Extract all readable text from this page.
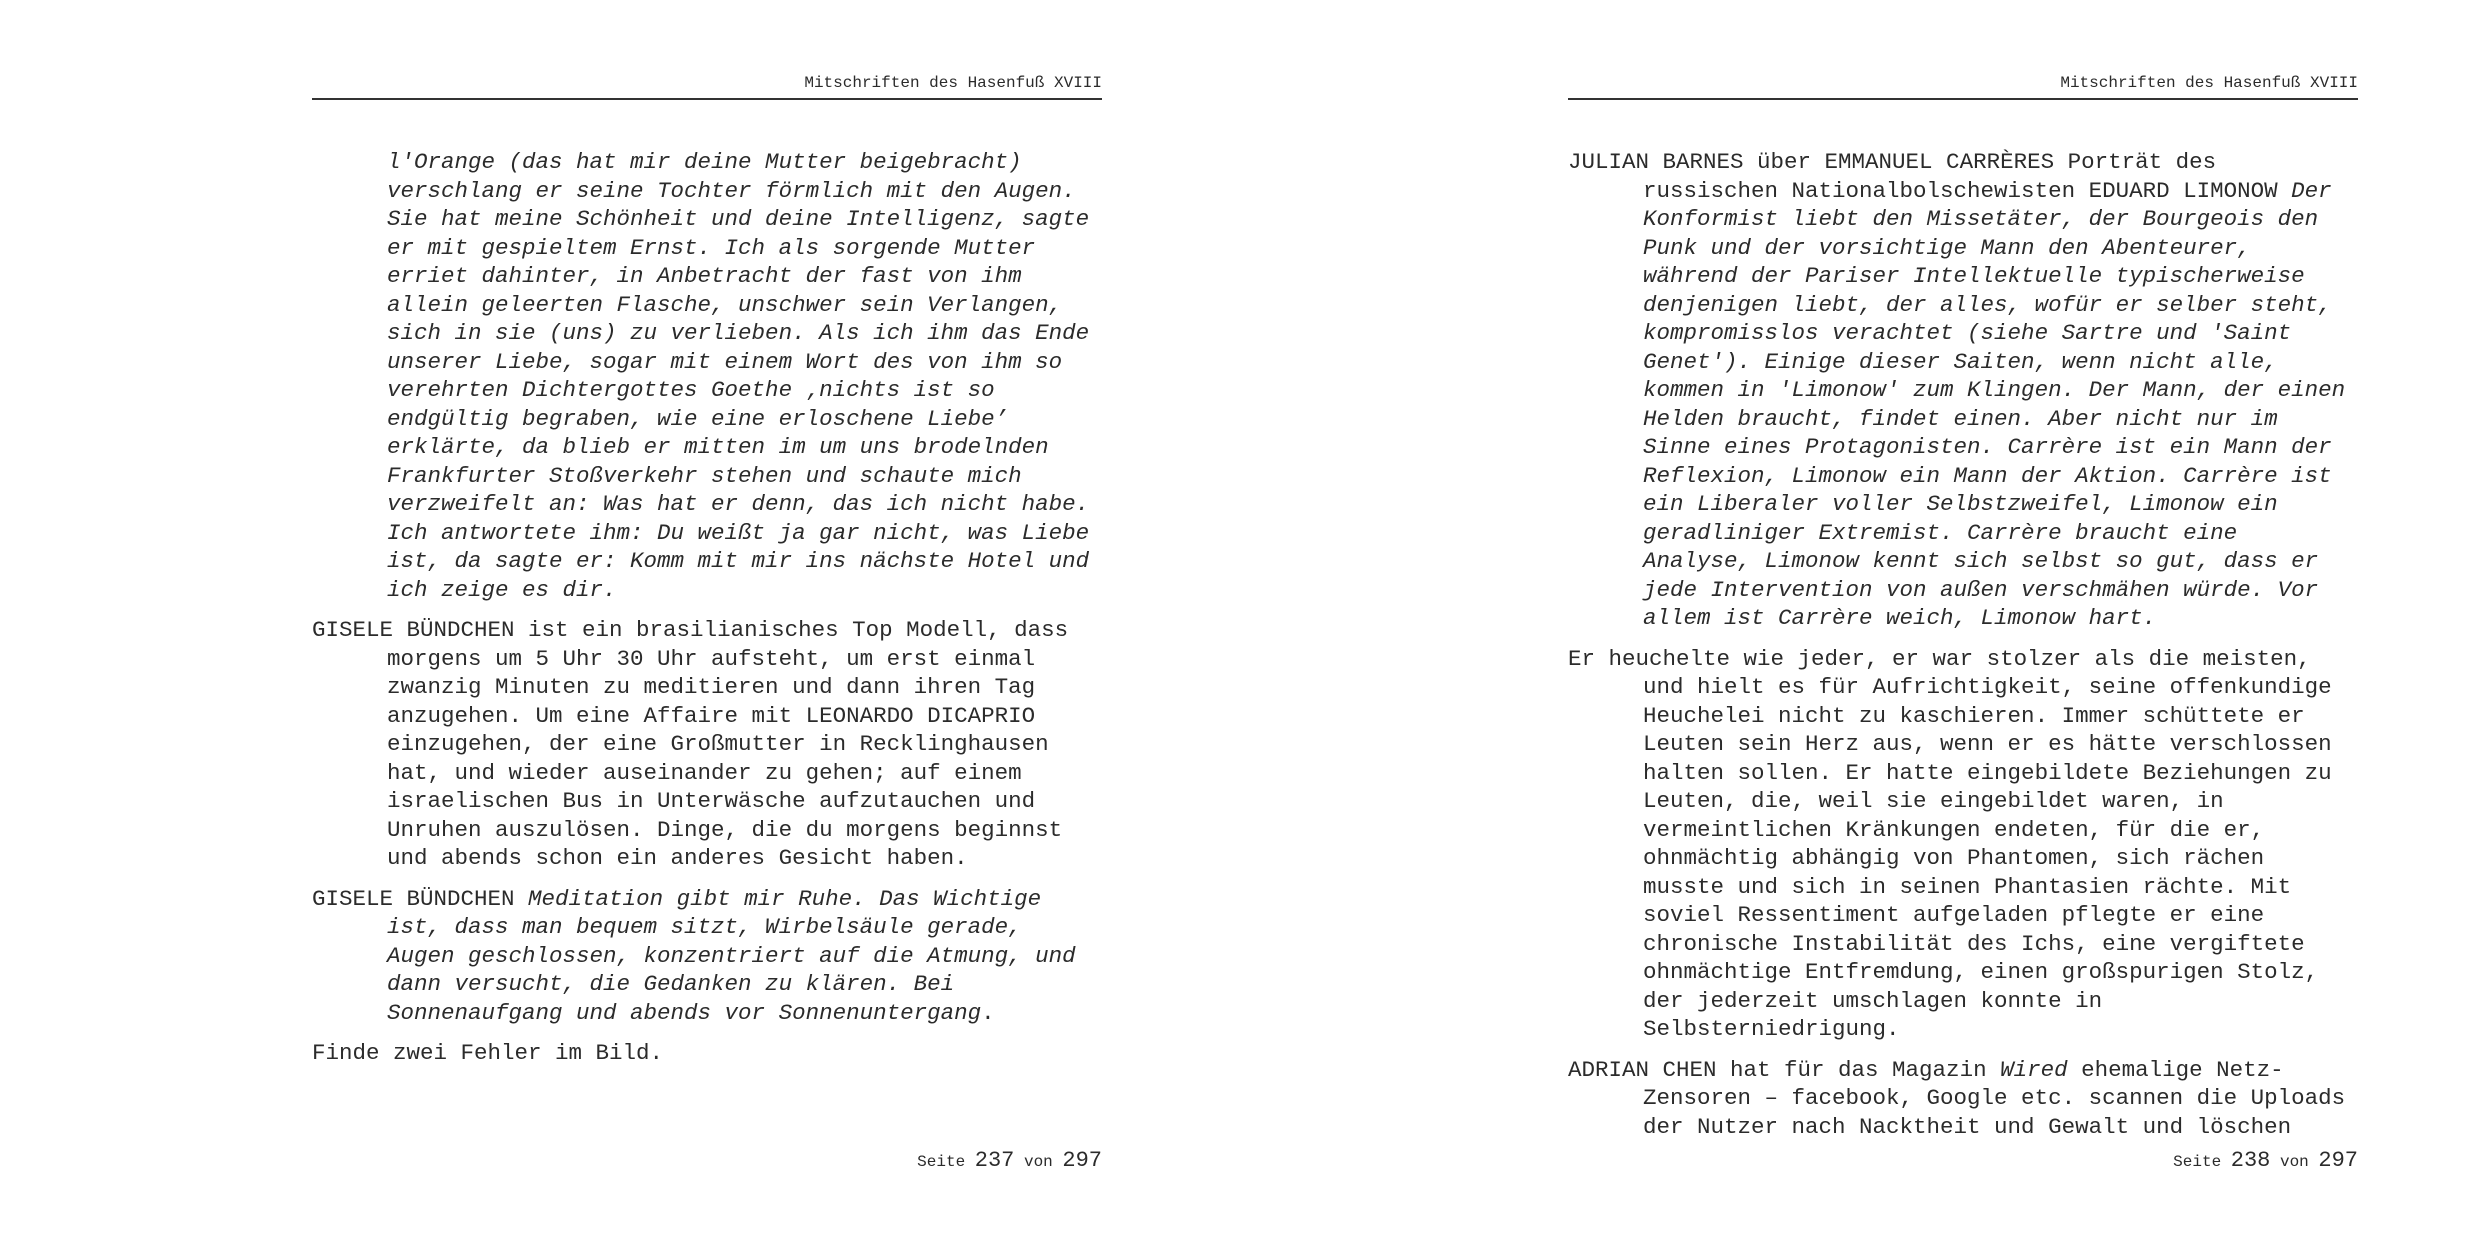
Mitschriften des Hasenfuß XVIII

l'Orange (das hat mir deine Mutter beigebracht) verschlang er seine Tochter förmlich mit den Augen. Sie hat meine Schönheit und deine Intelligenz, sagte er mit gespieltem Ernst. Ich als sorgende Mutter erriet dahinter, in Anbetracht der fast von ihm allein geleerten Flasche, unschwer sein Verlangen, sich in sie (uns) zu verlieben. Als ich ihm das Ende unserer Liebe, sogar mit einem Wort des von ihm so verehrten Dichtergottes Goethe ‚nichts ist so endgültig begraben, wie eine erloschene Liebe’ erklärte, da blieb er mitten im um uns brodelnden Frankfurter Stoßverkehr stehen und schaute mich verzweifelt an: Was hat er denn, das ich nicht habe. Ich antwortete ihm: Du weißt ja gar nicht, was Liebe ist, da sagte er: Komm mit mir ins nächste Hotel und ich zeige es dir.

GISELE BÜNDCHEN ist ein brasilianisches Top Modell, dass morgens um 5 Uhr 30 Uhr aufsteht, um erst einmal zwanzig Minuten zu meditieren und dann ihren Tag anzugehen. Um eine Affaire mit LEONARDO DICAPRIO einzugehen, der eine Großmutter in Recklinghausen hat, und wieder auseinander zu gehen; auf einem israelischen Bus in Unterwäsche aufzutauchen und Unruhen auszulösen. Dinge, die du morgens beginnst und abends schon ein anderes Gesicht haben.

GISELE BÜNDCHEN Meditation gibt mir Ruhe. Das Wichtige ist, dass man bequem sitzt, Wirbelsäule gerade, Augen geschlossen, konzentriert auf die Atmung, und dann versucht, die Gedanken zu klären. Bei Sonnenaufgang und abends vor Sonnenuntergang.

Finde zwei Fehler im Bild.

Seite 237 von 297
Mitschriften des Hasenfuß XVIII

JULIAN BARNES über EMMANUEL CARRÈRES Porträt des russischen Nationalbolschewisten EDUARD LIMONOW Der Konformist liebt den Missetäter, der Bourgeois den Punk und der vorsichtige Mann den Abenteurer, während der Pariser Intellektuelle typischerweise denjenigen liebt, der alles, wofür er selber steht, kompromisslos verachtet (siehe Sartre und 'Saint Genet'). Einige dieser Saiten, wenn nicht alle, kommen in 'Limonow' zum Klingen. Der Mann, der einen Helden braucht, findet einen. Aber nicht nur im Sinne eines Protagonisten. Carrère ist ein Mann der Reflexion, Limonow ein Mann der Aktion. Carrère ist ein Liberaler voller Selbstzweifel, Limonow ein geradliniger Extremist. Carrère braucht eine Analyse, Limonow kennt sich selbst so gut, dass er jede Intervention von außen verschmähen würde. Vor allem ist Carrère weich, Limonow hart.

Er heuchelte wie jeder, er war stolzer als die meisten, und hielt es für Aufrichtigkeit, seine offenkundige Heuchelei nicht zu kaschieren. Immer schüttete er Leuten sein Herz aus, wenn er es hätte verschlossen halten sollen. Er hatte eingebildete Beziehungen zu Leuten, die, weil sie eingebildet waren, in vermeintlichen Kränkungen endeten, für die er, ohnmächtig abhängig von Phantomen, sich rächen musste und sich in seinen Phantasien rächte. Mit soviel Ressentiment aufgeladen pflegte er eine chronische Instabilität des Ichs, eine vergiftete ohnmächtige Entfremdung, einen großspurigen Stolz, der jederzeit umschlagen konnte in Selbsterniedrigung.

ADRIAN CHEN hat für das Magazin Wired ehemalige Netz-Zensoren – facebook, Google etc. scannen die Uploads der Nutzer nach Nacktheit und Gewalt und löschen

Seite 238 von 297
